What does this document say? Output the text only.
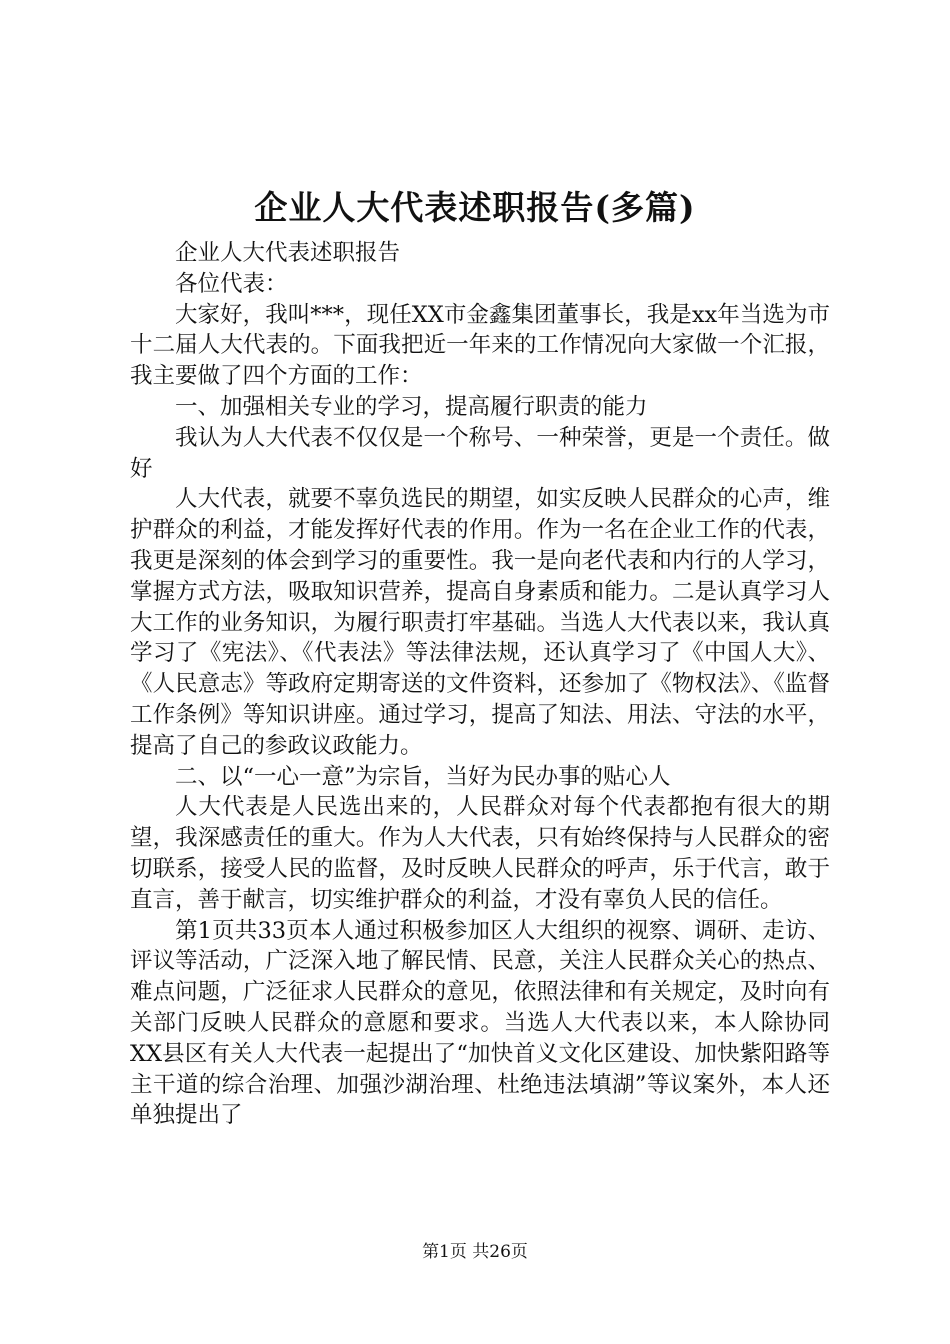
企业人大代表述职报告(多篇)

企业人大代表述职报告

各位代表：

大家好，我叫***，现任XX市金鑫集团董事长，我是xx年当选为市十二届人大代表的。下面我把近一年来的工作情况向大家做一个汇报，我主要做了四个方面的工作：

一、加强相关专业的学习，提高履行职责的能力

我认为人大代表不仅仅是一个称号、一种荣誉，更是一个责任。做好

人大代表，就要不辜负选民的期望，如实反映人民群众的心声，维护群众的利益，才能发挥好代表的作用。作为一名在企业工作的代表，我更是深刻的体会到学习的重要性。我一是向老代表和内行的人学习，掌握方式方法，吸取知识营养，提高自身素质和能力。二是认真学习人大工作的业务知识，为履行职责打牢基础。当选人大代表以来，我认真学习了《宪法》、《代表法》等法律法规，还认真学习了《中国人大》、《人民意志》等政府定期寄送的文件资料，还参加了《物权法》、《监督工作条例》等知识讲座。通过学习，提高了知法、用法、守法的水平，提高了自己的参政议政能力。

二、以“一心一意”为宗旨，当好为民办事的贴心人

人大代表是人民选出来的，人民群众对每个代表都抱有很大的期望，我深感责任的重大。作为人大代表，只有始终保持与人民群众的密切联系，接受人民的监督，及时反映人民群众的呼声，乐于代言，敢于直言，善于献言，切实维护群众的利益，才没有辜负人民的信任。

第1页共33页本人通过积极参加区人大组织的视察、调研、走访、评议等活动，广泛深入地了解民情、民意，关注人民群众关心的热点、难点问题，广泛征求人民群众的意见，依照法律和有关规定，及时向有关部门反映人民群众的意愿和要求。当选人大代表以来，本人除协同XX县区有关人大代表一起提出了“加快首义文化区建设、加快紫阳路等主干道的综合治理、加强沙湖治理、杜绝违法填湖”等议案外，本人还单独提出了

第1页 共26页
